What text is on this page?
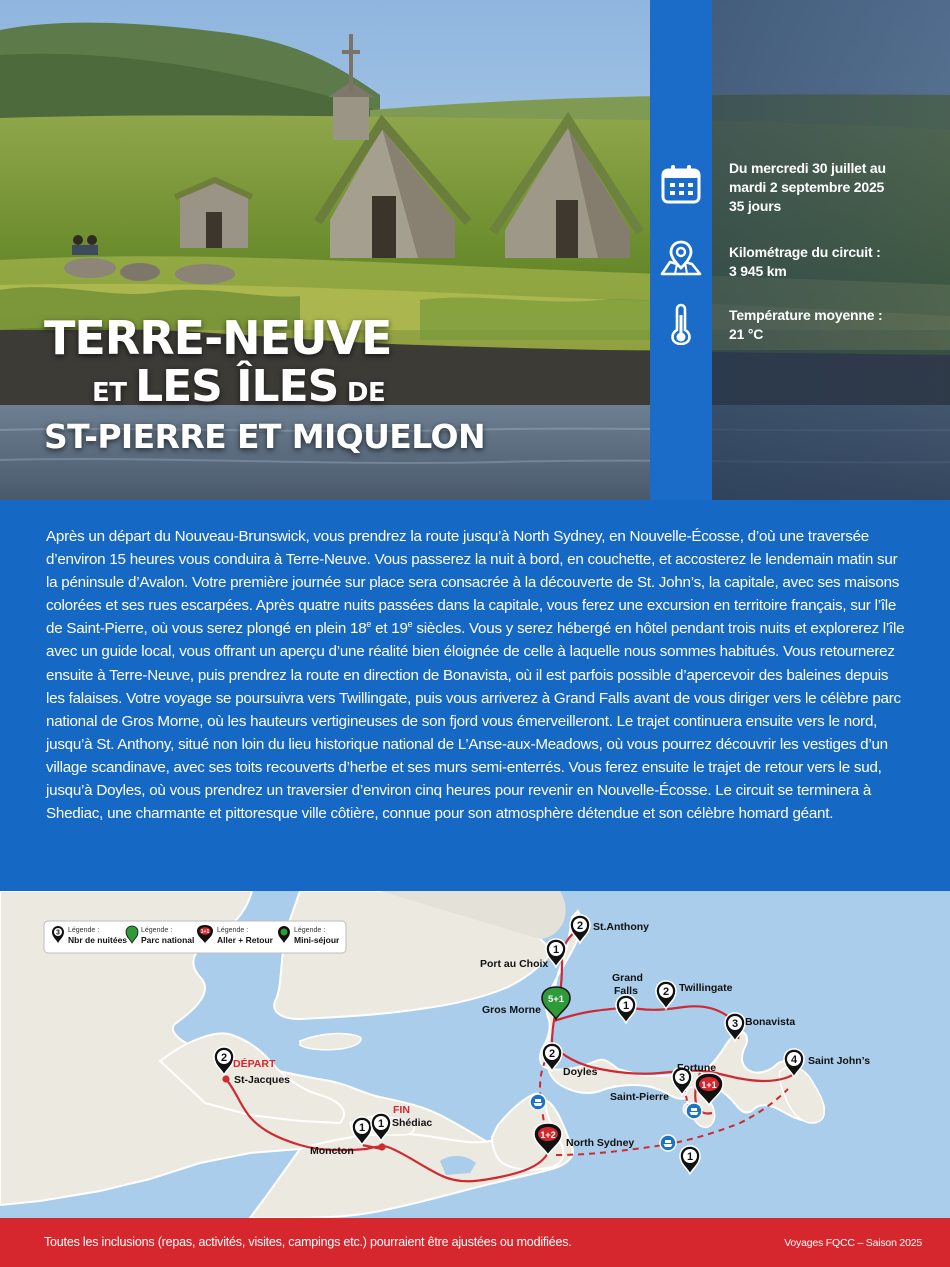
Du mercredi 30 juillet au
mardi 2 septembre 2025
35 jours
Kilométrage du circuit :
3 945 km
Température moyenne :
21 °C
TERRE-NEUVE
ET LES ÎLES DE
ST-PIERRE ET MIQUELON

Après un départ du Nouveau-Brunswick, vous prendrez la route jusqu’à North Sydney, en Nouvelle-Écosse, d’où une traversée d’environ 15 heures vous conduira à Terre-Neuve. Vous passerez la nuit à bord, en couchette, et accosterez le lendemain matin sur la péninsule d’Avalon. Votre première journée sur place sera consacrée à la découverte de St. John’s, la capitale, avec ses maisons colorées et ses rues escarpées. Après quatre nuits passées dans la capitale, vous ferez une excursion en territoire français, sur l’île de Saint-Pierre, où vous serez plongé en plein 18e et 19e siècles. Vous y serez hébergé en hôtel pendant trois nuits et explorerez l’île avec un guide local, vous offrant un aperçu d’une réalité bien éloignée de celle à laquelle nous sommes habitués. Vous retournerez ensuite à Terre-Neuve, puis prendrez la route en direction de Bonavista, où il est parfois possible d’apercevoir des baleines depuis les falaises. Votre voyage se poursuivra vers Twillingate, puis vous arriverez à Grand Falls avant de vous diriger vers le célèbre parc national de Gros Morne, où les hauteurs vertigineuses de son fjord vous émerveilleront. Le trajet continuera ensuite vers le nord, jusqu’à St. Anthony, situé non loin du lieu historique national de L’Anse-aux-Meadows, où vous pourrez découvrir les vestiges d’un village scandinave, avec ses toits recouverts d’herbe et ses murs semi-enterrés. Vous ferez ensuite le trajet de retour vers le sud, jusqu’à Doyles, où vous prendrez un traversier d’environ cinq heures pour revenir en Nouvelle-Écosse. Le circuit se terminera à Shediac, une charmante et pittoresque ville côtière, connue pour son atmosphère détendue et son célèbre homard géant.

2
1 1
1+2
2
5+1
1
2
1
2
3
4
1+1
3
1
DÉPART
St-Jacques
Moncton
FIN
Shédiac
North Sydney
Doyles
Gros Morne
Port au Choix
St.Anthony
Grand
Falls	Twillingate
Bonavista
Saint John’s
Fortune
Saint-Pierre
3 Légende :
Nbr de nuitées
Légende :
Parc national
1+1 Légende :
Aller + Retour
Légende :
Mini-séjour
Toutes les inclusions (repas, activités, visites, campings etc.) pourraient être ajustées ou modifiées.	Voyages FQCC – Saison 2025
